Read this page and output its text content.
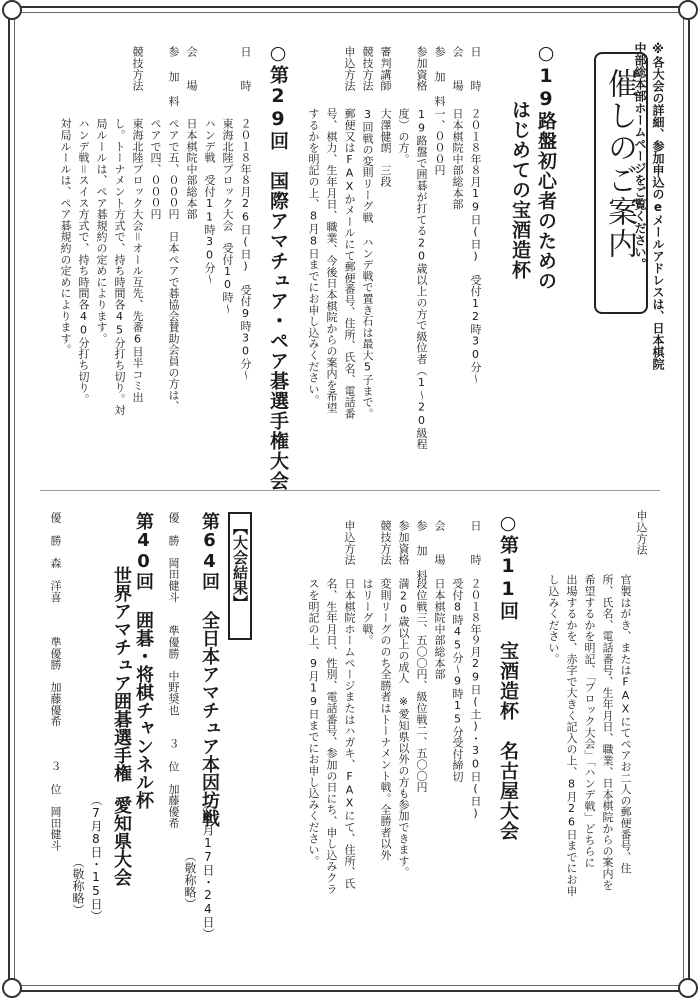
※各大会の詳細、参加申込のeメールアドレスは、日本棋院

中部総本部ホームページをご覧ください。

催しのご案内

○19路盤初心者のための

はじめての宝酒造杯

日　　時

２０１８年８月19日(日)　受付12時30分〜

会　　場

日本棋院中部総本部

参 加 料

一、０００円

参加資格

19路盤で囲碁が打てる20歳以上の方で級位者（1〜20級程

度）の方。

審判講師

大澤健朗　三段

競技方法

3回戦の変則リーグ戦 ハンデ戦で置き石は最大5子まで。

申込方法

郵便又はFAXかメールにて郵便番号、住所、氏名、電話番

号、棋力、生年月日、職業、今後日本棋院からの案内を希望

するかを明記の上、8月8日までにお申し込みください。

○第29回　国際アマチュア・ペア碁選手権大会

日　　時

２０１８年８月26日(日)　受付9時30分〜

東海北陸ブロック大会　受付10時〜

ハンデ戦　受付11時30分〜

会　　場

日本棋院中部総本部

参 加 料

ペアで五、０００円　日本ペアで碁協会賛助会員の方は、

ペアで四、０００円

競技方法

東海北陸ブロック大会＝オール互先、先番6目半コミ出

し。トーナメント方式で、持ち時間各45分打ち切り。対

局ルールは、ペア碁規約の定めによります。

ハンデ戦＝スイス方式で、持ち時間各40分打ち切り。

対局ルールは、ペア碁規約の定めによります。

申込方法

官製はがき、またはFAXにてペアお二人の郵便番号、住

所、氏名、電話番号、生年月日、職業、日本棋院からの案内を

希望するかを明記、「ブロック大会」「ハンデ戦」どちらに

出場するかを、赤字で大きく記入の上、8月26日までにお申

し込みください。

○第11回　宝酒造杯　名古屋大会

日　　時

２０１８年９月29日(土)・30日(日)

受付8時45分〜9時15分受付締切

会　　場

日本棋院中部総本部

参 加 料

段位戦三、五〇〇円、級位戦二、五〇〇円

参加資格

満20歳以上の成人　※愛知県以外の方も参加できます。

競技方法

変則リーグののち全勝者はトーナメント戦。全勝者以外

はリーグ戦。

申込方法

日本棋院ホームページまたはハガキ、FAXにて、住所、氏

名、生年月日、性別、電話番号、参加の日にち、申し込みクラ

スを明記の上、9月19日までにお申し込みください。

【大会結果】

第64回 全日本アマチュア本因坊戦

（6月17日・24日）

（敬称略）

優　勝　岡田健斗　　準優勝　中野奨也　　３　位　加藤優希

第40回 囲碁・将棋チャンネル杯

世界アマチュア囲碁選手権

愛知県大会

（7月8日・15日）

（敬称略）

優　勝　森　洋喜　　　準優勝　加藤優希　　　３　位　岡田健斗
